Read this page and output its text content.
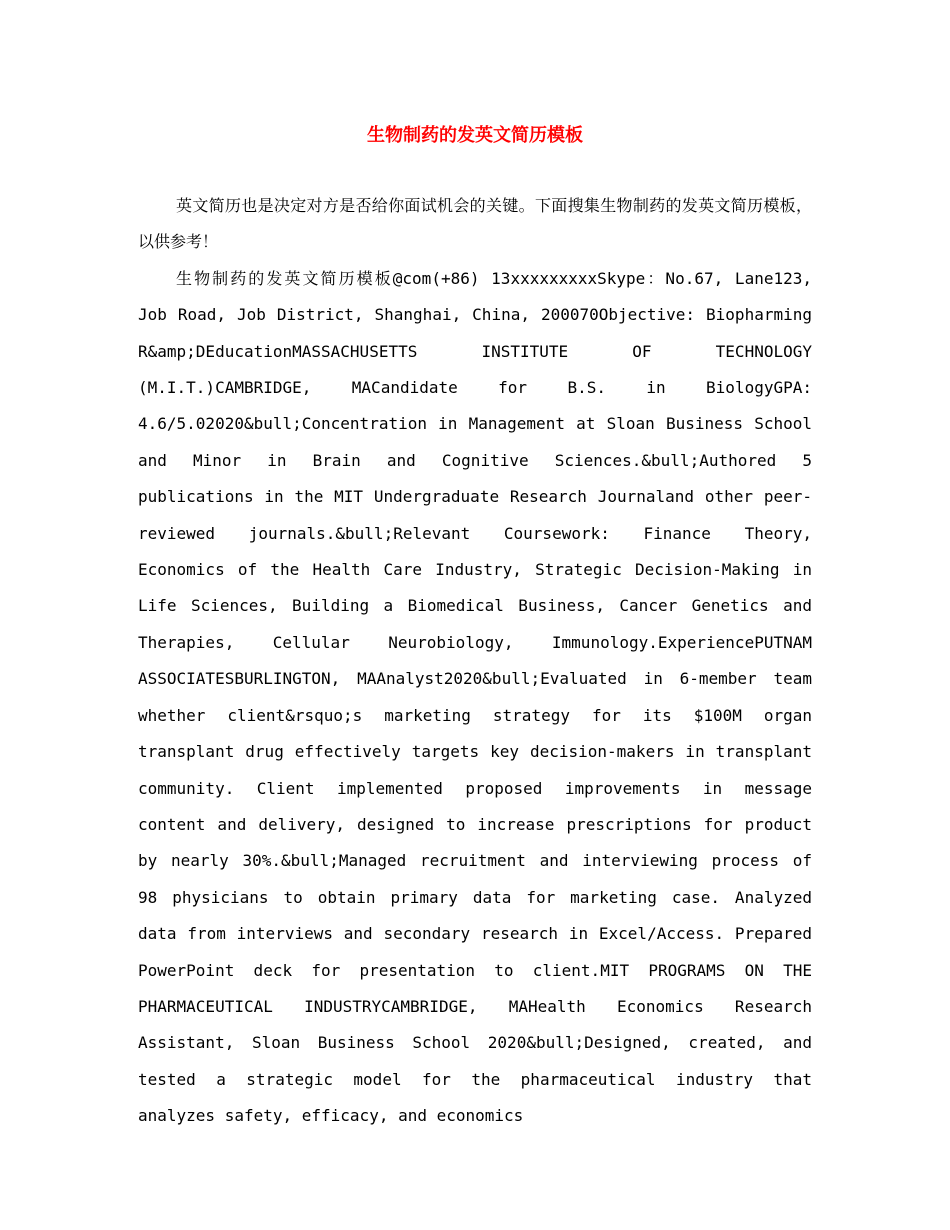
生物制药的发英文简历模板

英文简历也是决定对方是否给你面试机会的关键。下面搜集生物制药的发英文简历模板，以供参考！

生物制药的发英文简历模板@com(+86) 13xxxxxxxxxSkype：No.67, Lane123, Job Road, Job District, Shanghai, China, 200070Objective: Biopharming R&amp;DEducationMASSACHUSETTS INSTITUTE OF TECHNOLOGY (M.I.T.)CAMBRIDGE, MACandidate for B.S. in BiologyGPA: 4.6/5.02020&bull;Concentration in Management at Sloan Business School and Minor in Brain and Cognitive Sciences.&bull;Authored 5 publications in the MIT Undergraduate Research Journaland other peer-reviewed journals.&bull;Relevant Coursework: Finance Theory, Economics of the Health Care Industry, Strategic Decision-Making in Life Sciences, Building a Biomedical Business, Cancer Genetics and Therapies, Cellular Neurobiology, Immunology.ExperiencePUTNAM ASSOCIATESBURLINGTON, MAAnalyst2020&bull;Evaluated in 6-member team whether client&rsquo;s marketing strategy for its $100M organ transplant drug effectively targets key decision-makers in transplant community. Client implemented proposed improvements in message content and delivery, designed to increase prescriptions for product by nearly 30%.&bull;Managed recruitment and interviewing process of 98 physicians to obtain primary data for marketing case. Analyzed data from interviews and secondary research in Excel/Access. Prepared PowerPoint deck for presentation to client.MIT PROGRAMS ON THE PHARMACEUTICAL INDUSTRYCAMBRIDGE, MAHealth Economics Research Assistant, Sloan Business School 2020&bull;Designed, created, and tested a strategic model for the pharmaceutical industry that analyzes safety, efficacy, and economics
